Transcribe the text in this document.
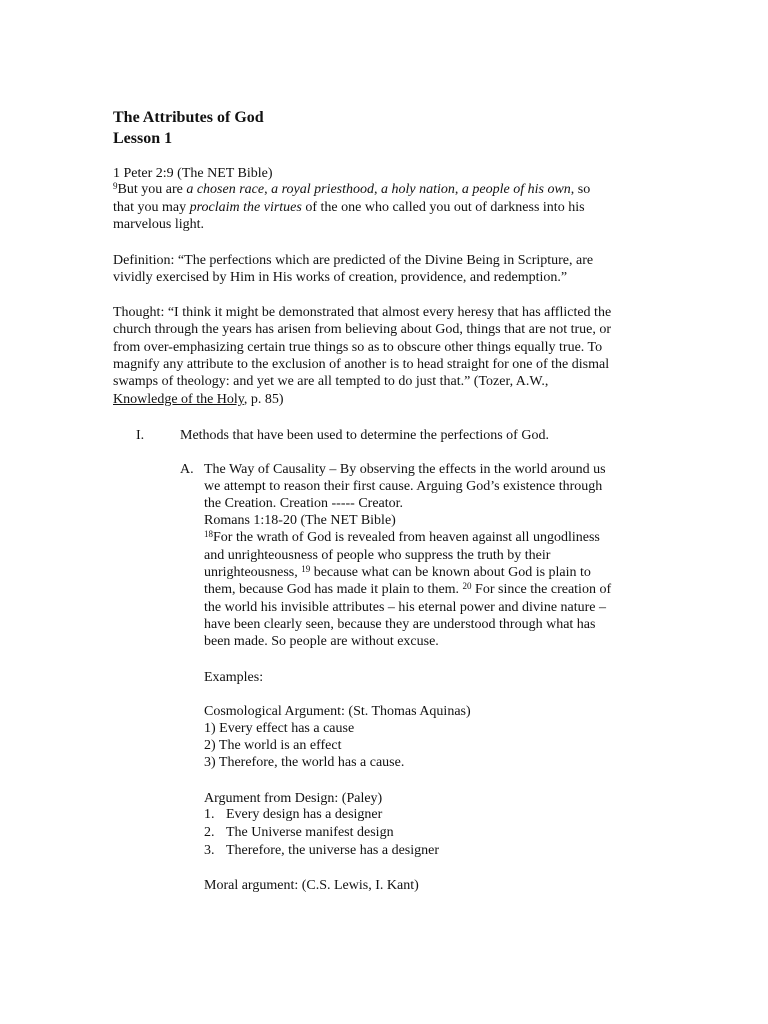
The Attributes of God
Lesson 1
1 Peter 2:9 (The NET Bible)
$^9$But you are a chosen race, a royal priesthood, a holy nation, a people of his own, so
that you may proclaim the virtues of the one who called you out of darkness into his
marvelous light.
Definition: “The perfections which are predicted of the Divine Being in Scripture, are
vividly exercised by Him in His works of creation, providence, and redemption.”
Thought: “I think it might be demonstrated that almost every heresy that has afflicted the
church through the years has arisen from believing about God, things that are not true, or
from over-emphasizing certain true things so as to obscure other things equally true. To
magnify any attribute to the exclusion of another is to head straight for one of the dismal
swamps of theology: and yet we are all tempted to do just that.” (Tozer, A.W.,
Knowledge of the Holy, p. 85)
I.	Methods that have been used to determine the perfections of God.
A. The Way of Causality – By observing the effects in the world around us
we attempt to reason their first cause. Arguing God’s existence through
the Creation. Creation ----- Creator.
Romans 1:18-20 (The NET Bible)
$^{18}$For the wrath of God is revealed from heaven against all ungodliness
and unrighteousness of people who suppress the truth by their
unrighteousness, $^{19}$ because what can be known about God is plain to
them, because God has made it plain to them. $^{20}$ For since the creation of
the world his invisible attributes – his eternal power and divine nature –
have been clearly seen, because they are understood through what has
been made. So people are without excuse.
Examples:
Cosmological Argument: (St. Thomas Aquinas)
1) Every effect has a cause
2) The world is an effect
3) Therefore, the world has a cause.
Argument from Design: (Paley)
1. Every design has a designer
2. The Universe manifest design
3. Therefore, the universe has a designer
Moral argument: (C.S. Lewis, I. Kant)
